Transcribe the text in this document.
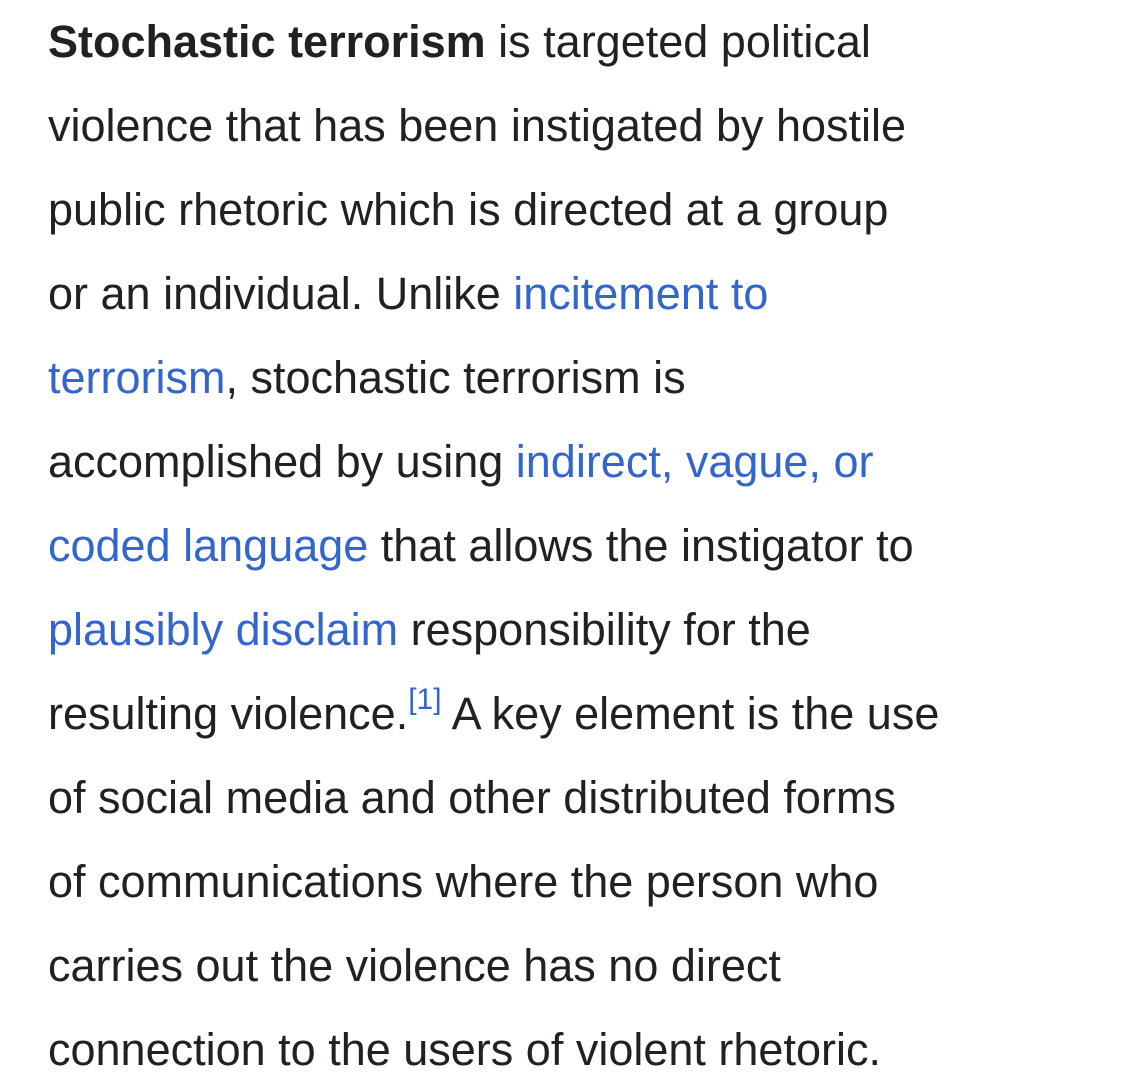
Stochastic terrorism is targeted political
violence that has been instigated by hostile
public rhetoric which is directed at a group
or an individual. Unlike incitement to
terrorism, stochastic terrorism is
accomplished by using indirect, vague, or
coded language that allows the instigator to
plausibly disclaim responsibility for the
resulting violence.[1] A key element is the use
of social media and other distributed forms
of communications where the person who
carries out the violence has no direct
connection to the users of violent rhetoric.
